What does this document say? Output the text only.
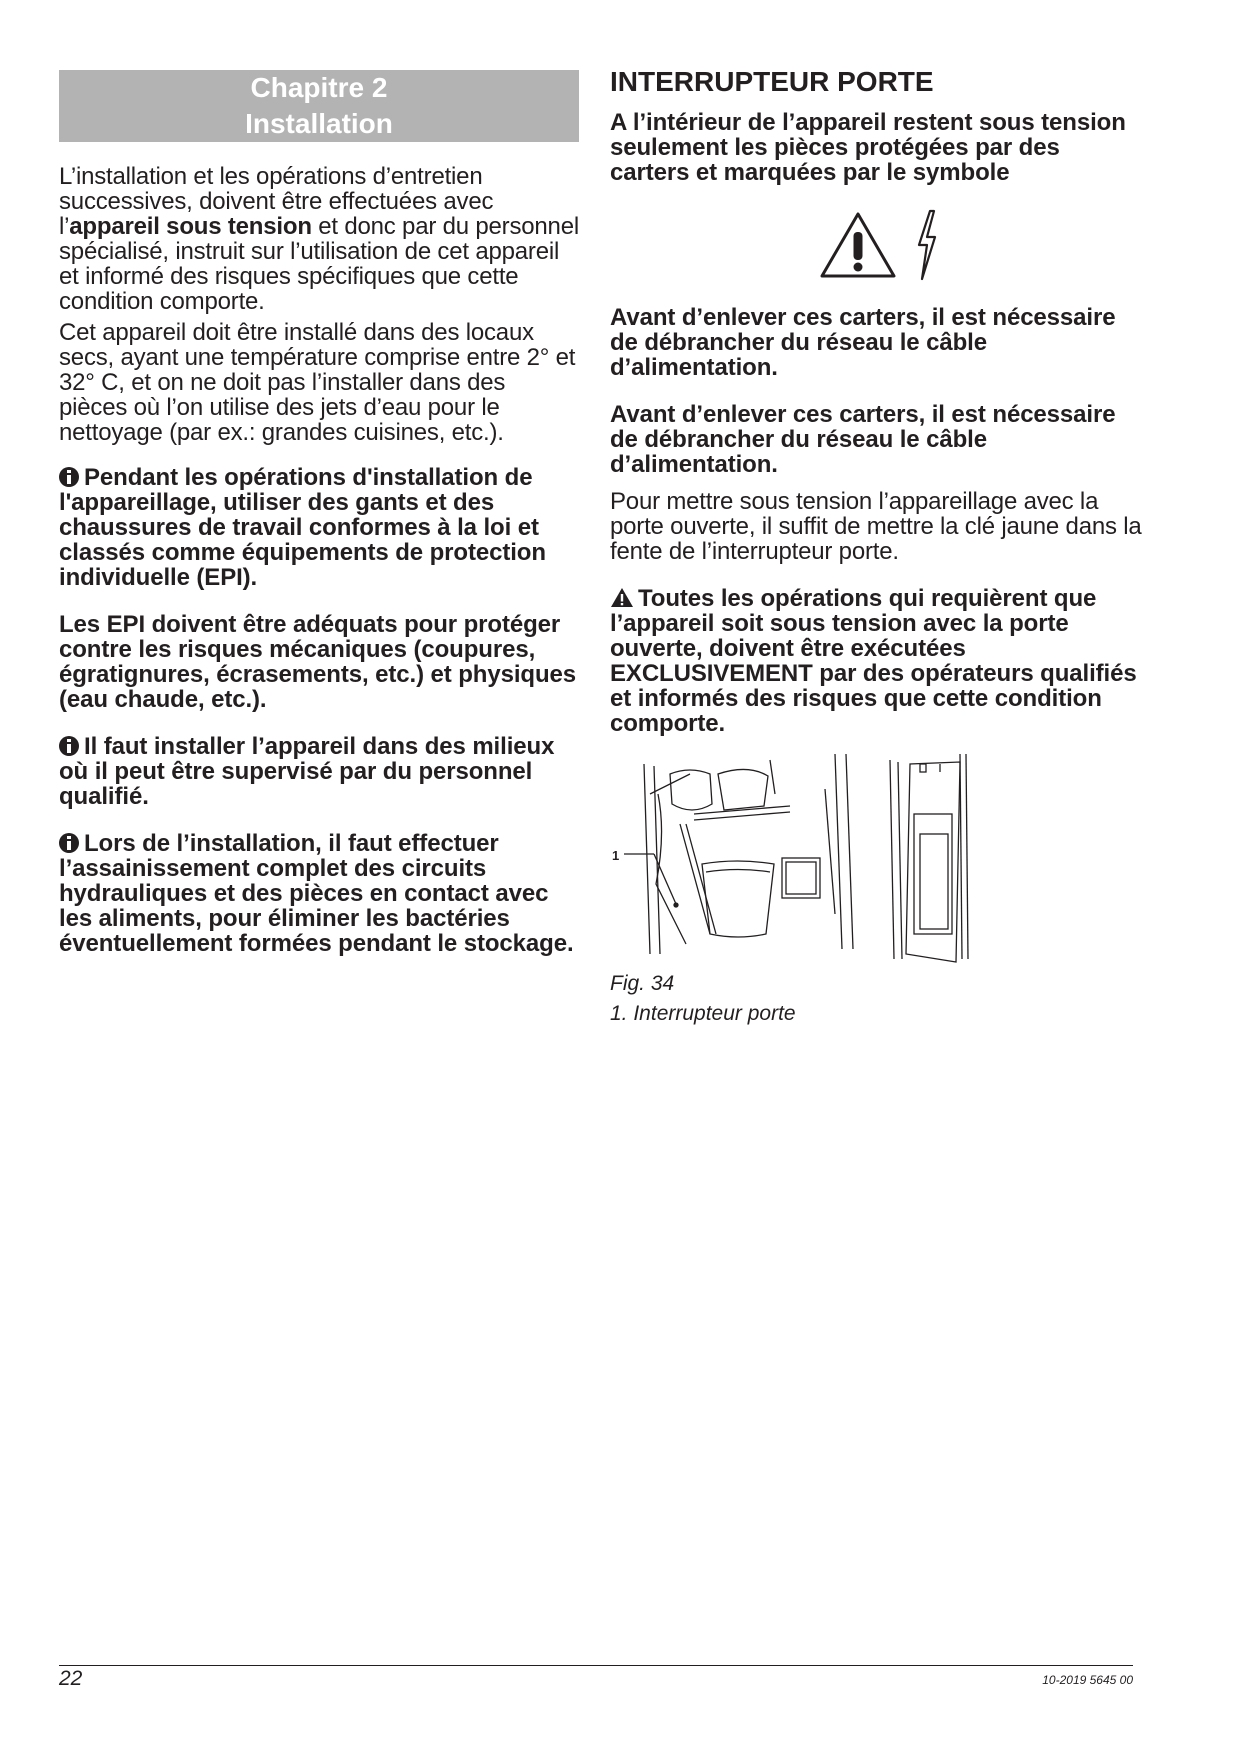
Chapitre 2
Installation

L’installation et les opérations d’entretien successives, doivent être effectuées avec l’appareil sous tension et donc par du personnel spécialisé, instruit sur l’utilisation de cet appareil et informé des risques spécifiques que cette condition comporte.

Cet appareil doit être installé dans des locaux secs, ayant une température comprise entre 2° et 32° C, et on ne doit pas l’installer dans des pièces où l’on utilise des jets d’eau pour le nettoyage (par ex.: grandes cuisines, etc.).

Pendant les opérations d'installation de l'appareillage, utiliser des gants et des chaussures de travail conformes à la loi et classés comme équipements de protection individuelle (EPI).

Les EPI doivent être adéquats pour protéger contre les risques mécaniques (coupures, égratignures, écrasements, etc.) et physiques (eau chaude, etc.).

Il faut installer l’appareil dans des milieux où il peut être supervisé par du personnel qualifié.

Lors de l’installation, il faut effectuer l’assainissement complet des circuits hydrauliques et des pièces en contact avec les aliments, pour éliminer les bactéries éventuellement formées pendant le stockage.

INTERRUPTEUR PORTE

A l’intérieur de l’appareil restent sous tension seulement les pièces protégées par des carters et marquées par le symbole

Avant d’enlever ces carters, il est nécessaire de débrancher du réseau le câble d’alimentation.

Avant d’enlever ces carters, il est nécessaire de débrancher du réseau le câble d’alimentation.

Pour mettre sous tension l’appareillage avec la porte ouverte, il suffit de mettre la clé jaune dans la fente de l’interrupteur porte.

Toutes les opérations qui requièrent que l’appareil soit sous tension avec la porte ouverte, doivent être exécutées EXCLUSIVEMENT par des opérateurs qualifiés et informés des risques que cette condition comporte.

1
Fig. 34
1. Interrupteur porte
22	10-2019 5645 00
